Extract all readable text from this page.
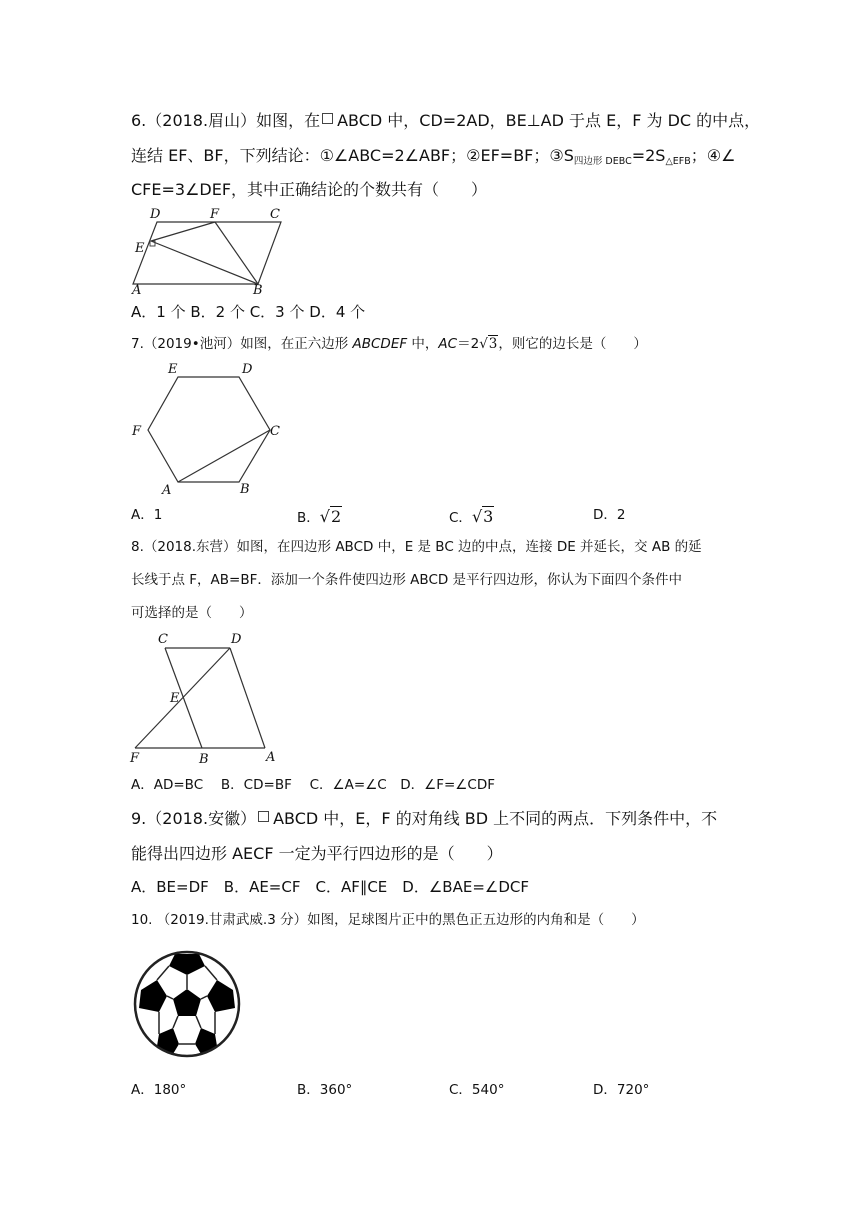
6.（2018.眉山）如图，在 ABCD 中，CD=2AD，BE⊥AD 于点 E，F 为 DC 的中点，
连结 EF、BF，下列结论：①∠ABC=2∠ABF；②EF=BF；③S四边形 DEBC=2S△EFB；④∠
CFE=3∠DEF，其中正确结论的个数共有（　　）
D	F	C
E
A	B
A．1 个 B．2 个 C．3 个 D．4 个
7.（2019•池河）如图，在正六边形 ABCDEF 中，AC＝2√3，则它的边长是（　　）
E	D
F	C
A	B
A．1	B．√2	C．√3	D．2
8.（2018.东营）如图，在四边形 ABCD 中，E 是 BC 边的中点，连接 DE 并延长，交 AB 的延
长线于点 F，AB=BF．添加一个条件使四边形 ABCD 是平行四边形，你认为下面四个条件中
可选择的是（　　）
C	D
E
F	B	A
A．AD=BC　 B．CD=BF　 C．∠A=∠C　D．∠F=∠CDF
9.（2018.安徽） ABCD 中，E，F 的对角线 BD 上不同的两点．下列条件中，不
能得出四边形 AECF 一定为平行四边形的是（　　）
A．BE=DF　B．AE=CF　C．AF∥CE　D．∠BAE=∠DCF
10. （2019.甘肃武威.3 分）如图，足球图片正中的黑色正五边形的内角和是（　　）
A．180°	B．360°	C．540°	D．720°
